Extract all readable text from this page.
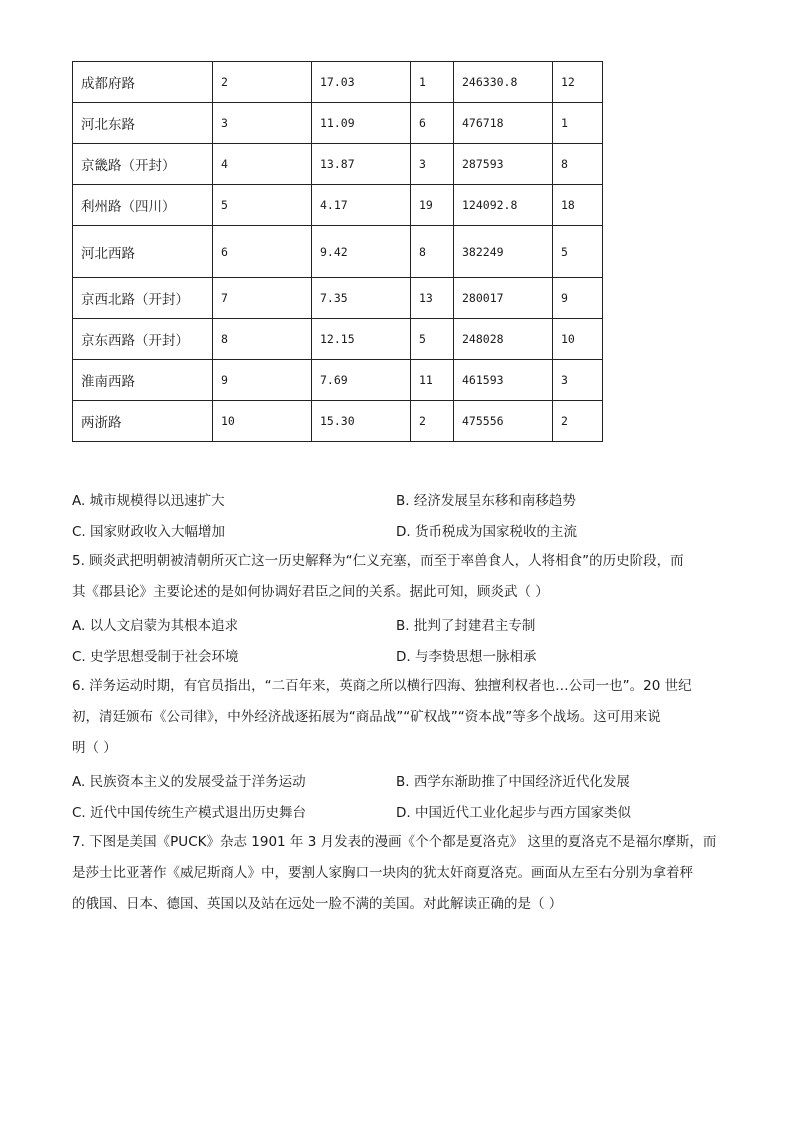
成都府路	2	17.03	1	246330.8	12
河北东路	3	11.09	6	476718	1
京畿路（开封）	4	13.87	3	287593	8
利州路（四川）	5	4.17	19	124092.8	18
河北西路	6	9.42	8	382249	5
京西北路（开封）	7	7.35	13	280017	9
京东西路（开封）	8	12.15	5	248028	10
淮南西路	9	7.69	11	461593	3
两浙路	10	15.30	2	475556	2
A. 城市规模得以迅速扩大	B. 经济发展呈东移和南移趋势
C. 国家财政收入大幅增加	D. 货币税成为国家税收的主流
5. 顾炎武把明朝被清朝所灭亡这一历史解释为“仁义充塞，而至于率兽食人，人将相食”的历史阶段，而
其《郡县论》主要论述的是如何协调好君臣之间的关系。据此可知，顾炎武（ ）
A. 以人文启蒙为其根本追求	B. 批判了封建君主专制
C. 史学思想受制于社会环境	D. 与李贽思想一脉相承
6. 洋务运动时期，有官员指出，“二百年来，英商之所以横行四海、独擅利权者也…公司一也”。20 世纪
初，清廷颁布《公司律》，中外经济战逐拓展为“商品战”“矿权战”“资本战”等多个战场。这可用来说
明（ ）
A. 民族资本主义的发展受益于洋务运动	B. 西学东渐助推了中国经济近代化发展
C. 近代中国传统生产模式退出历史舞台	D. 中国近代工业化起步与西方国家类似
7. 下图是美国《PUCK》杂志 1901 年 3 月发表的漫画《个个都是夏洛克》 这里的夏洛克不是福尔摩斯，而
是莎士比亚著作《威尼斯商人》中，要割人家胸口一块肉的犹太奸商夏洛克。画面从左至右分别为拿着秤
的俄国、日本、德国、英国以及站在远处一脸不满的美国。对此解读正确的是（ ）
